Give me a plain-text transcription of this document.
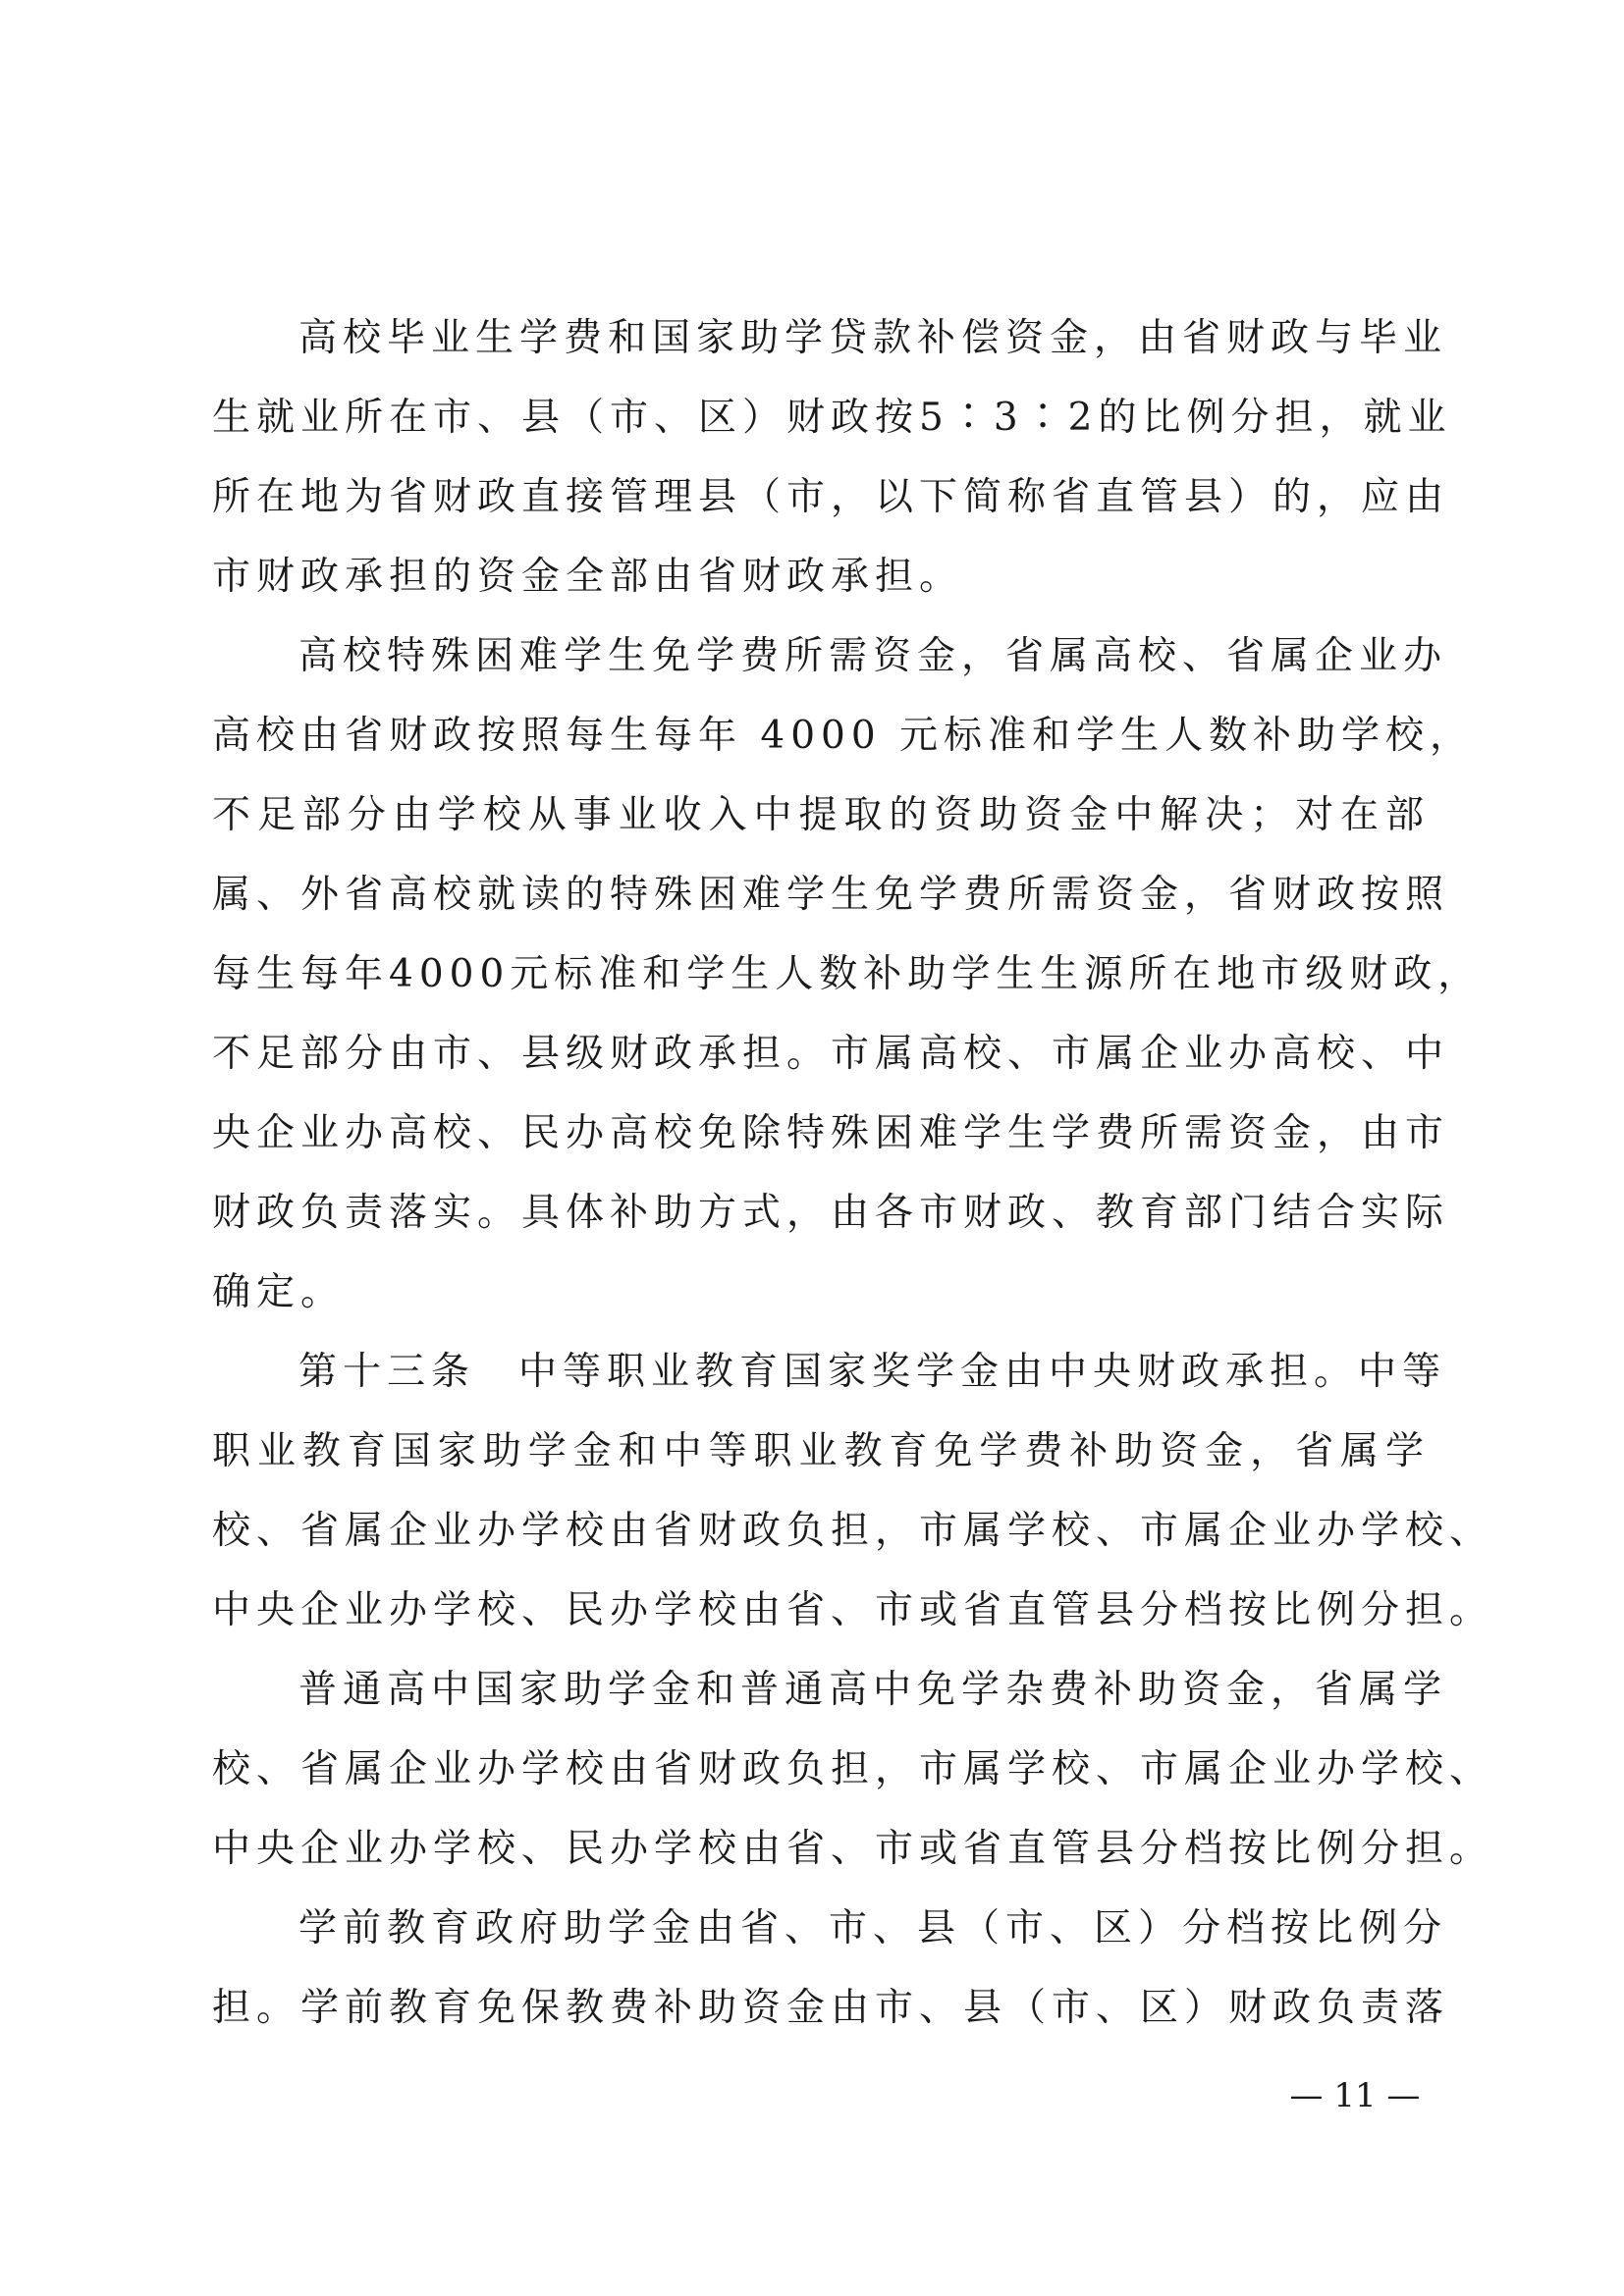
高校毕业生学费和国家助学贷款补偿资金，由省财政与毕业
生就业所在市、县（市、区）财政按5∶3∶2的比例分担，就业
所在地为省财政直接管理县（市，以下简称省直管县）的，应由
市财政承担的资金全部由省财政承担。
高校特殊困难学生免学费所需资金，省属高校、省属企业办
高校由省财政按照每生每年 4000 元标准和学生人数补助学校，
不足部分由学校从事业收入中提取的资助资金中解决；对在部
属、外省高校就读的特殊困难学生免学费所需资金，省财政按照
每生每年4000元标准和学生人数补助学生生源所在地市级财政，
不足部分由市、县级财政承担。市属高校、市属企业办高校、中
央企业办高校、民办高校免除特殊困难学生学费所需资金，由市
财政负责落实。具体补助方式，由各市财政、教育部门结合实际
确定。
第十三条 中等职业教育国家奖学金由中央财政承担。中等
职业教育国家助学金和中等职业教育免学费补助资金，省属学
校、省属企业办学校由省财政负担，市属学校、市属企业办学校、
中央企业办学校、民办学校由省、市或省直管县分档按比例分担。
普通高中国家助学金和普通高中免学杂费补助资金，省属学
校、省属企业办学校由省财政负担，市属学校、市属企业办学校、
中央企业办学校、民办学校由省、市或省直管县分档按比例分担。
学前教育政府助学金由省、市、县（市、区）分档按比例分
担。学前教育免保教费补助资金由市、县（市、区）财政负责落
— 11 —
